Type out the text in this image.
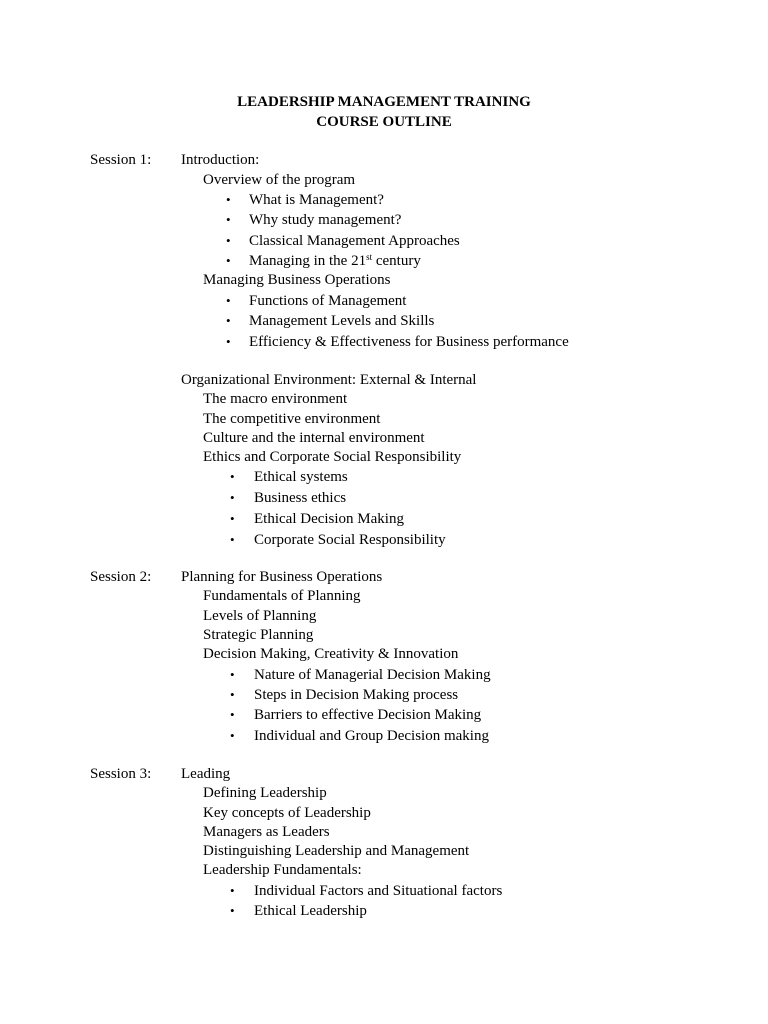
LEADERSHIP MANAGEMENT TRAINING
COURSE OUTLINE
Session 1: Introduction:
Overview of the program
• What is Management?
• Why study management?
• Classical Management Approaches
• Managing in the 21st century
Managing Business Operations
• Functions of Management
• Management Levels and Skills
• Efficiency & Effectiveness for Business performance
Organizational Environment: External & Internal
The macro environment
The competitive environment
Culture and the internal environment
Ethics and Corporate Social Responsibility
• Ethical systems
• Business ethics
• Ethical Decision Making
• Corporate Social Responsibility
Session 2: Planning for Business Operations
Fundamentals of Planning
Levels of Planning
Strategic Planning
Decision Making, Creativity & Innovation
• Nature of Managerial Decision Making
• Steps in Decision Making process
• Barriers to effective Decision Making
• Individual and Group Decision making
Session 3: Leading
Defining Leadership
Key concepts of Leadership
Managers as Leaders
Distinguishing Leadership and Management
Leadership Fundamentals:
• Individual Factors and Situational factors
• Ethical Leadership
